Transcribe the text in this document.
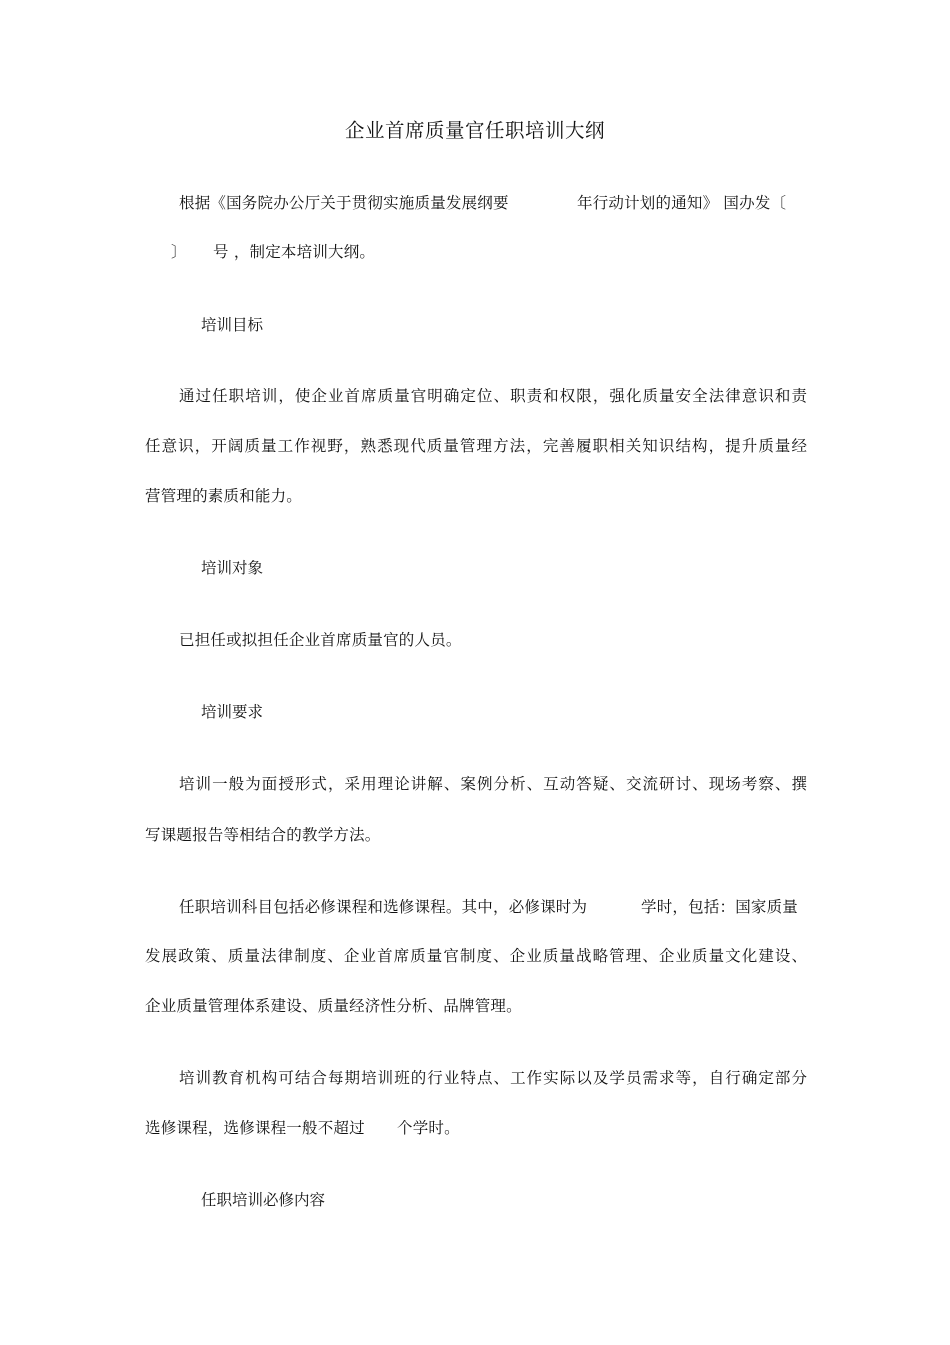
企业首席质量官任职培训大纲
根据《国务院办公厅关于贯彻实施质量发展纲要	年行动计划的通知》 国办发〔
〕 号 ，制定本培训大纲。
培训目标
通过任职培训，使企业首席质量官明确定位、职责和权限，强化质量安全法律意识和责
任意识，开阔质量工作视野，熟悉现代质量管理方法，完善履职相关知识结构，提升质量经
营管理的素质和能力。
培训对象
已担任或拟担任企业首席质量官的人员。
培训要求
培训一般为面授形式，采用理论讲解、案例分析、互动答疑、交流研讨、现场考察、撰
写课题报告等相结合的教学方法。
任职培训科目包括必修课程和选修课程。其中，必修课时为	学时，包括：国家质量
发展政策、质量法律制度、企业首席质量官制度、企业质量战略管理、企业质量文化建设、
企业质量管理体系建设、质量经济性分析、品牌管理。
培训教育机构可结合每期培训班的行业特点、工作实际以及学员需求等，自行确定部分
选修课程，选修课程一般不超过 个学时。
任职培训必修内容
